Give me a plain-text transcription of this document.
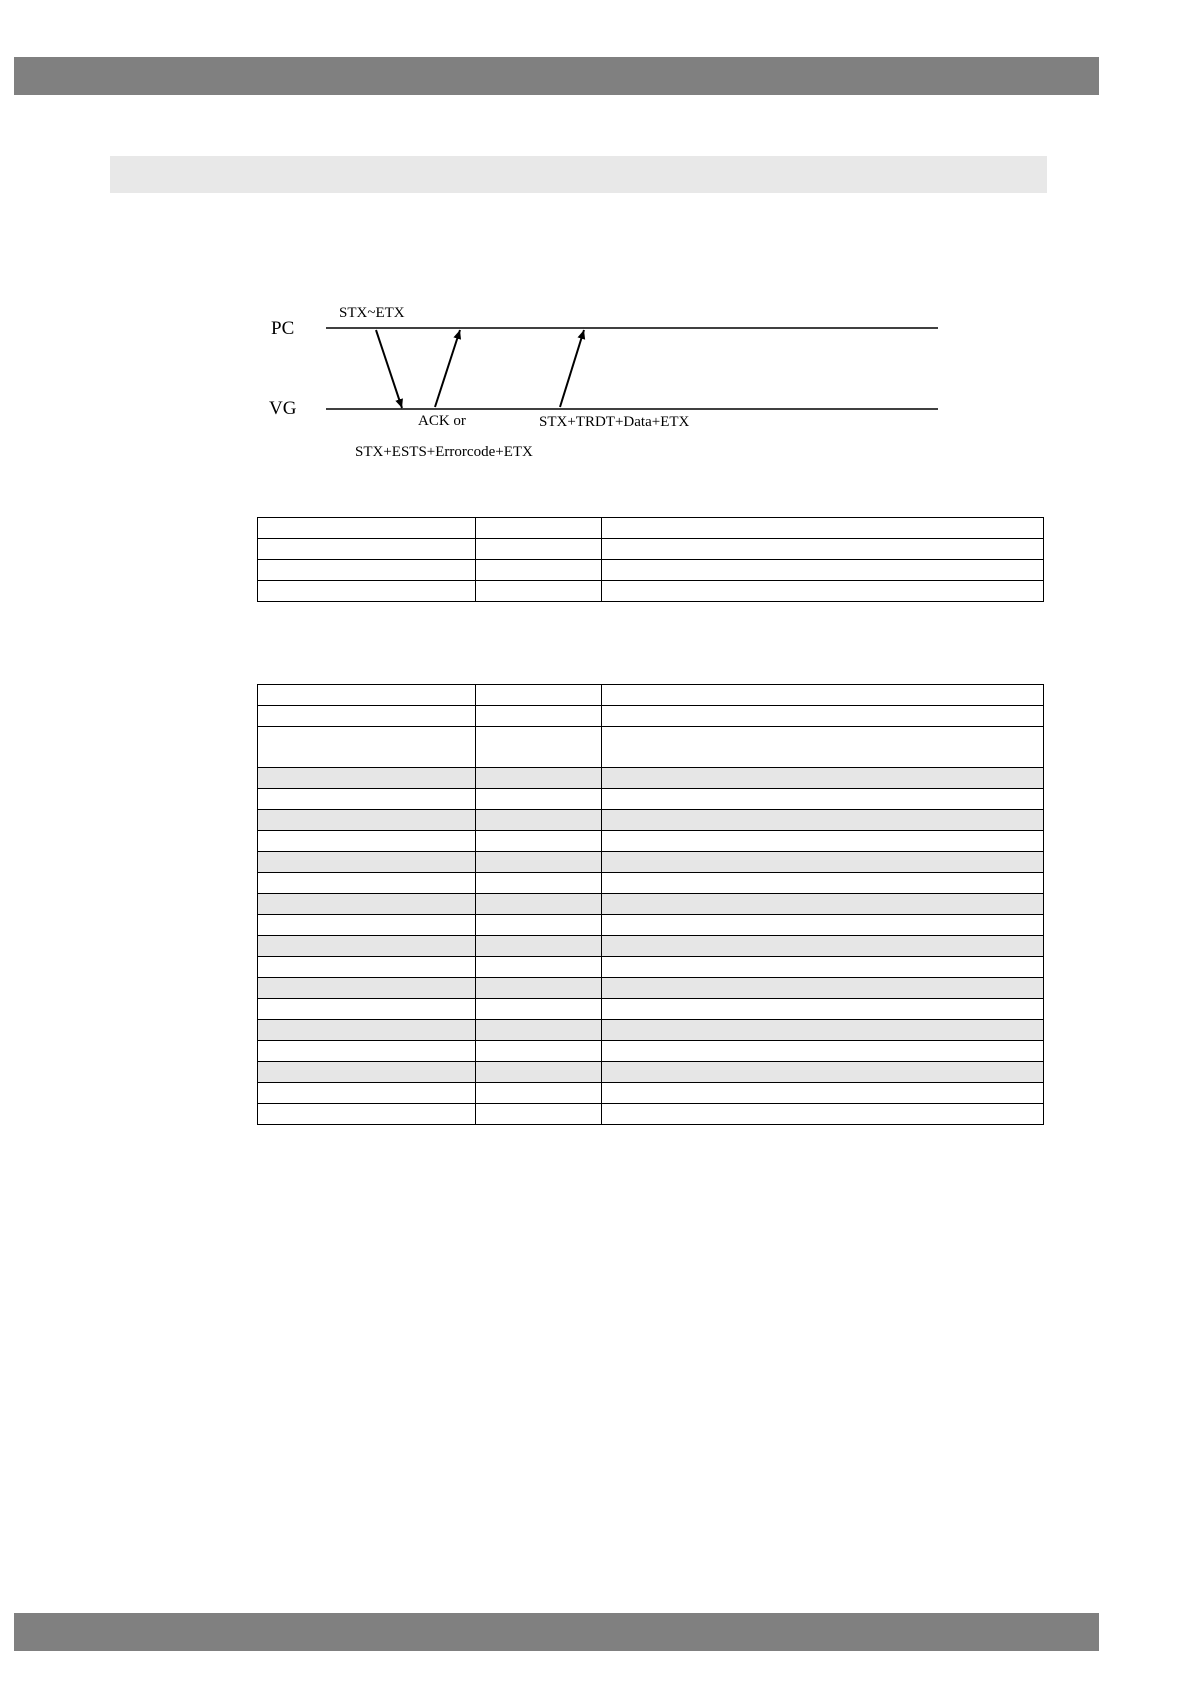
PC
VG
STX~ETX
ACK or
STX+ESTS+Errorcode+ETX
STX+TRDT+Data+ETX
